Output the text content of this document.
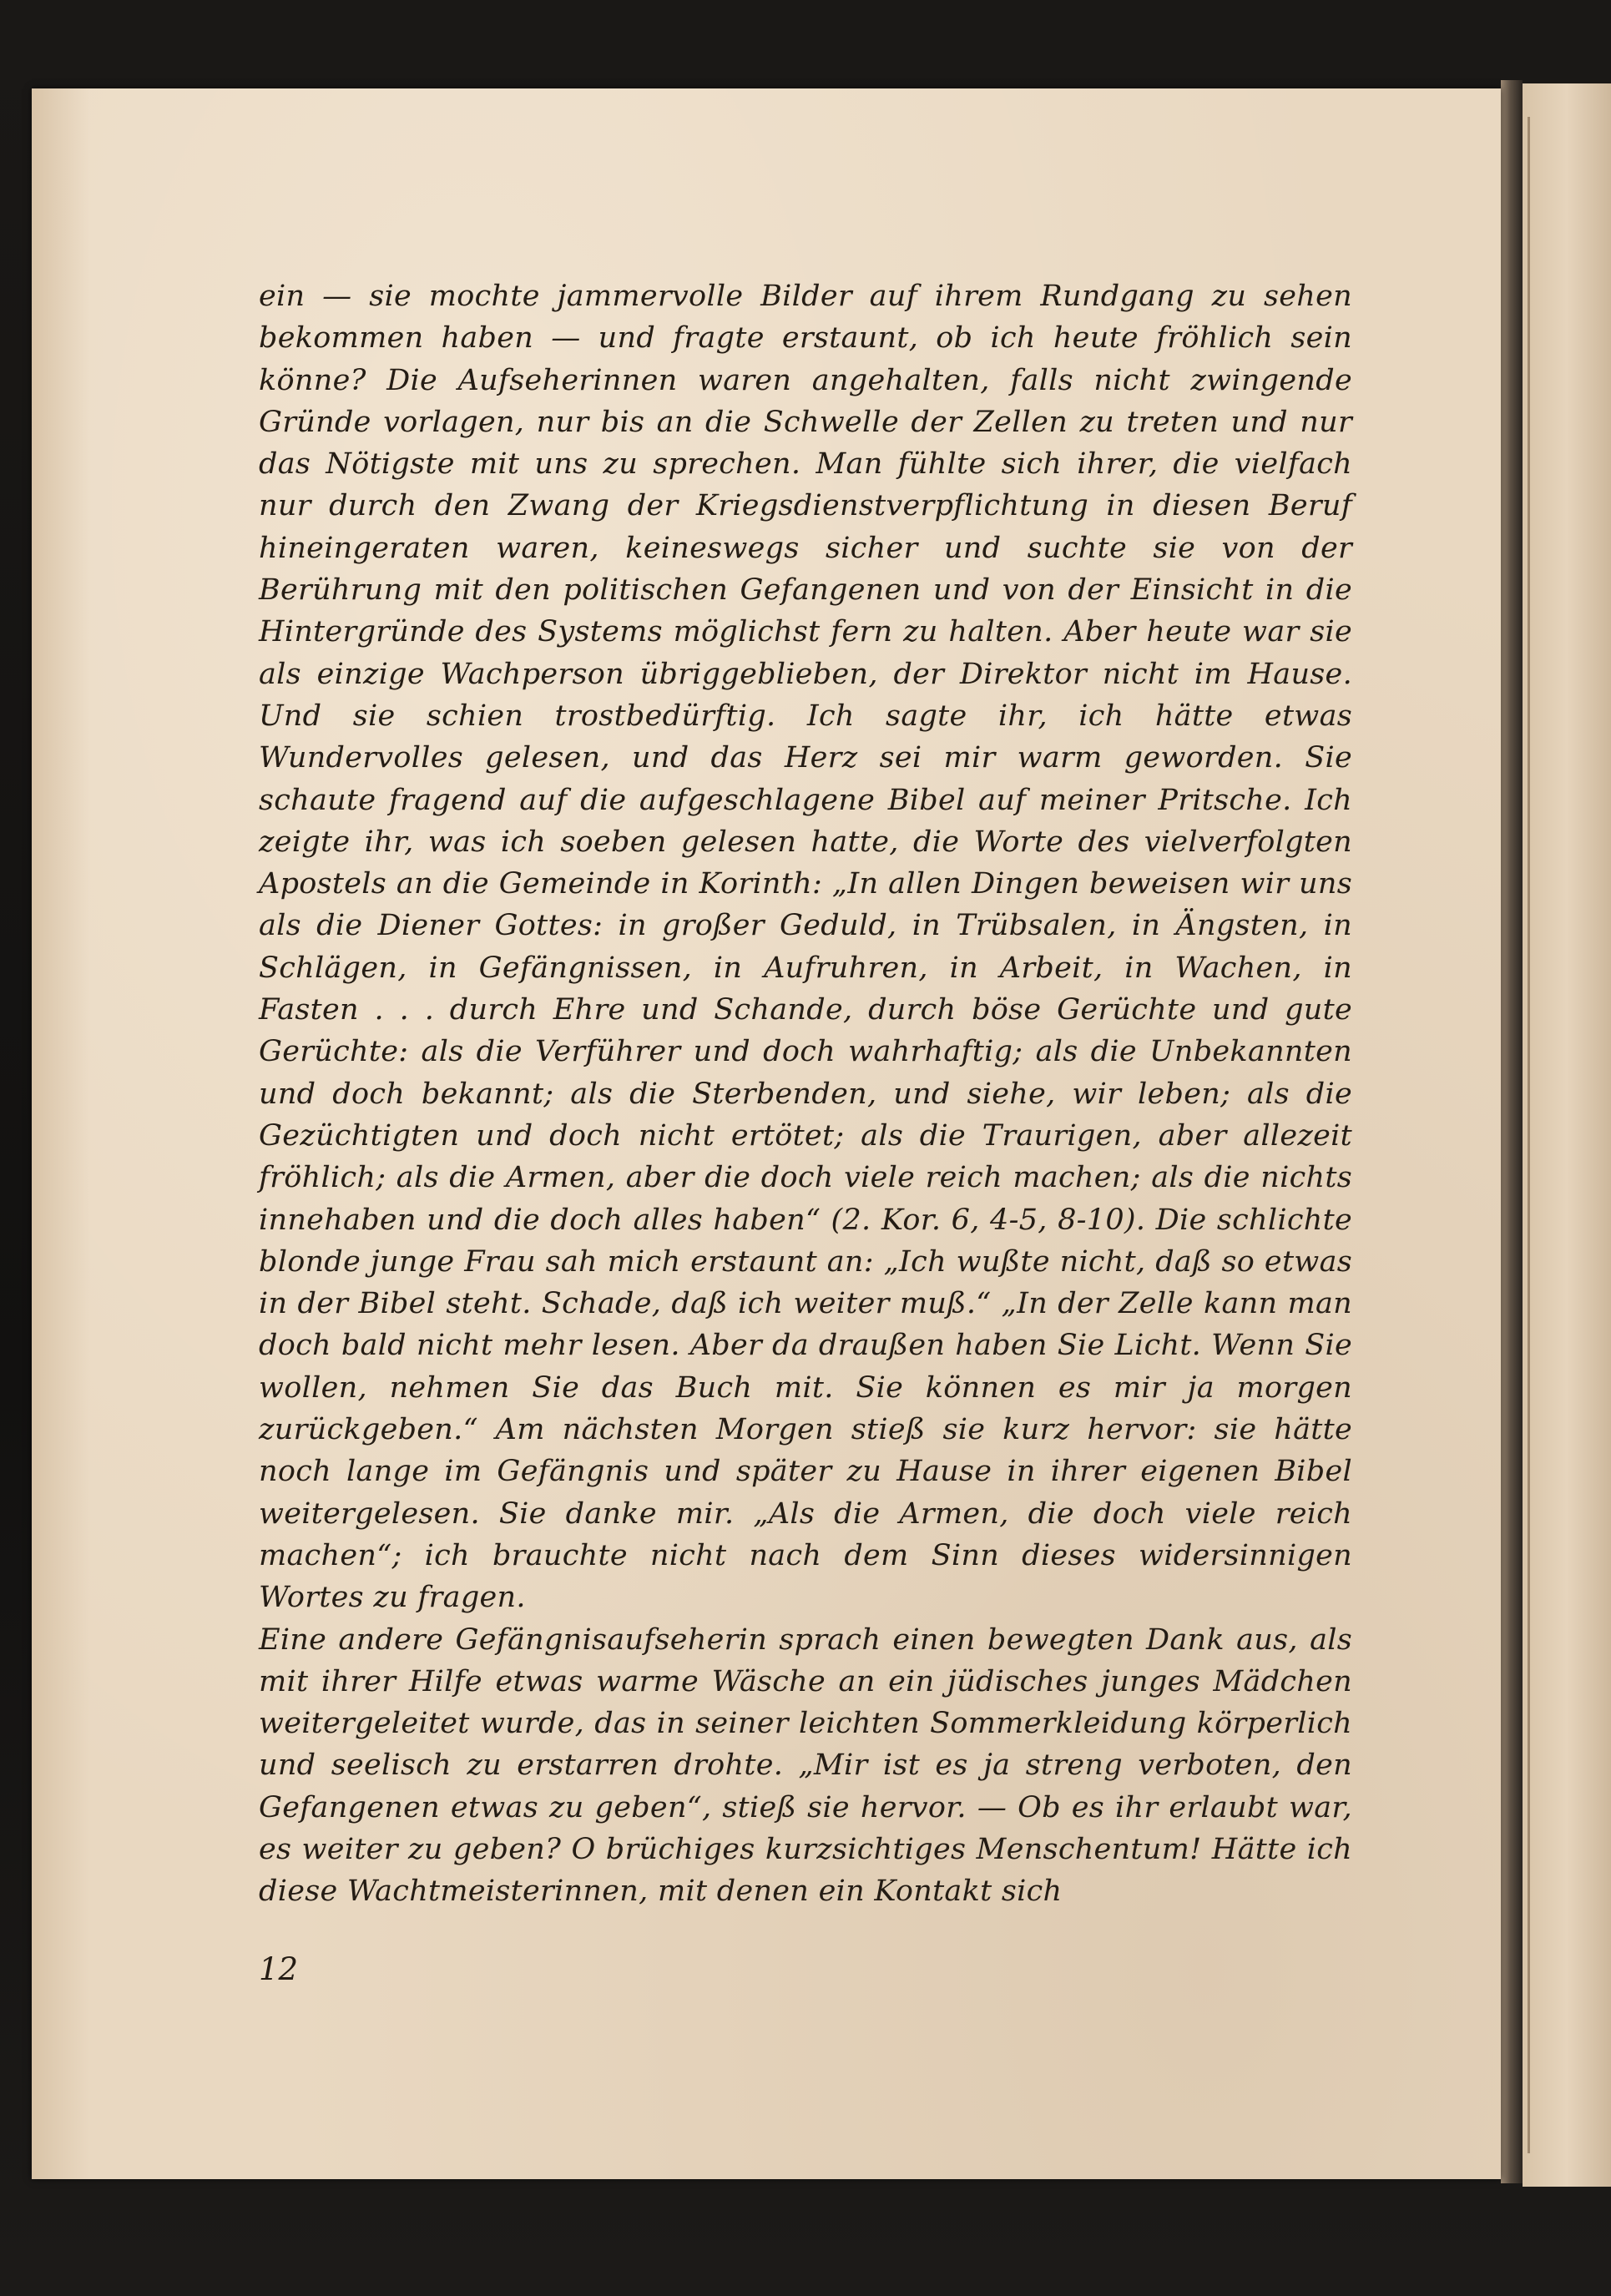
ein — sie mochte jammervolle Bilder auf ihrem Rundgang zu sehen bekommen haben — und fragte erstaunt, ob ich heute fröhlich sein könne? Die Aufseherinnen waren angehalten, falls nicht zwingende Gründe vorlagen, nur bis an die Schwelle der Zellen zu treten und nur das Nötigste mit uns zu sprechen. Man fühlte sich ihrer, die vielfach nur durch den Zwang der Kriegsdienstverpflichtung in diesen Beruf hineingeraten waren, keineswegs sicher und suchte sie von der Berührung mit den politischen Gefangenen und von der Einsicht in die Hintergründe des Systems möglichst fern zu halten. Aber heute war sie als einzige Wachperson übriggeblieben, der Direktor nicht im Hause. Und sie schien trostbedürftig. Ich sagte ihr, ich hätte etwas Wundervolles gelesen, und das Herz sei mir warm geworden. Sie schaute fragend auf die aufgeschlagene Bibel auf meiner Pritsche. Ich zeigte ihr, was ich soeben gelesen hatte, die Worte des vielverfolgten Apostels an die Gemeinde in Korinth: „In allen Dingen beweisen wir uns als die Diener Gottes: in großer Geduld, in Trübsalen, in Ängsten, in Schlägen, in Gefängnissen, in Aufruhren, in Arbeit, in Wachen, in Fasten . . . durch Ehre und Schande, durch böse Gerüchte und gute Gerüchte: als die Verführer und doch wahrhaftig; als die Unbekannten und doch bekannt; als die Sterbenden, und siehe, wir leben; als die Gezüchtigten und doch nicht ertötet; als die Traurigen, aber allezeit fröhlich; als die Armen, aber die doch viele reich machen; als die nichts innehaben und die doch alles haben“ (2. Kor. 6, 4-5, 8-10). Die schlichte blonde junge Frau sah mich erstaunt an: „Ich wußte nicht, daß so etwas in der Bibel steht. Schade, daß ich weiter muß.“ „In der Zelle kann man doch bald nicht mehr lesen. Aber da draußen haben Sie Licht. Wenn Sie wollen, nehmen Sie das Buch mit. Sie können es mir ja morgen zurückgeben.“ Am nächsten Morgen stieß sie kurz hervor: sie hätte noch lange im Gefängnis und später zu Hause in ihrer eigenen Bibel weitergelesen. Sie danke mir. „Als die Armen, die doch viele reich machen“; ich brauchte nicht nach dem Sinn dieses widersinnigen Wortes zu fragen.
Eine andere Gefängnisaufseherin sprach einen bewegten Dank aus, als mit ihrer Hilfe etwas warme Wäsche an ein jüdisches junges Mädchen weitergeleitet wurde, das in seiner leichten Sommerkleidung körperlich und seelisch zu erstarren drohte. „Mir ist es ja streng verboten, den Gefangenen etwas zu geben“, stieß sie hervor. — Ob es ihr erlaubt war, es weiter zu geben? O brüchiges kurzsichtiges Menschentum! Hätte ich diese Wachtmeisterinnen, mit denen ein Kontakt sich
12
